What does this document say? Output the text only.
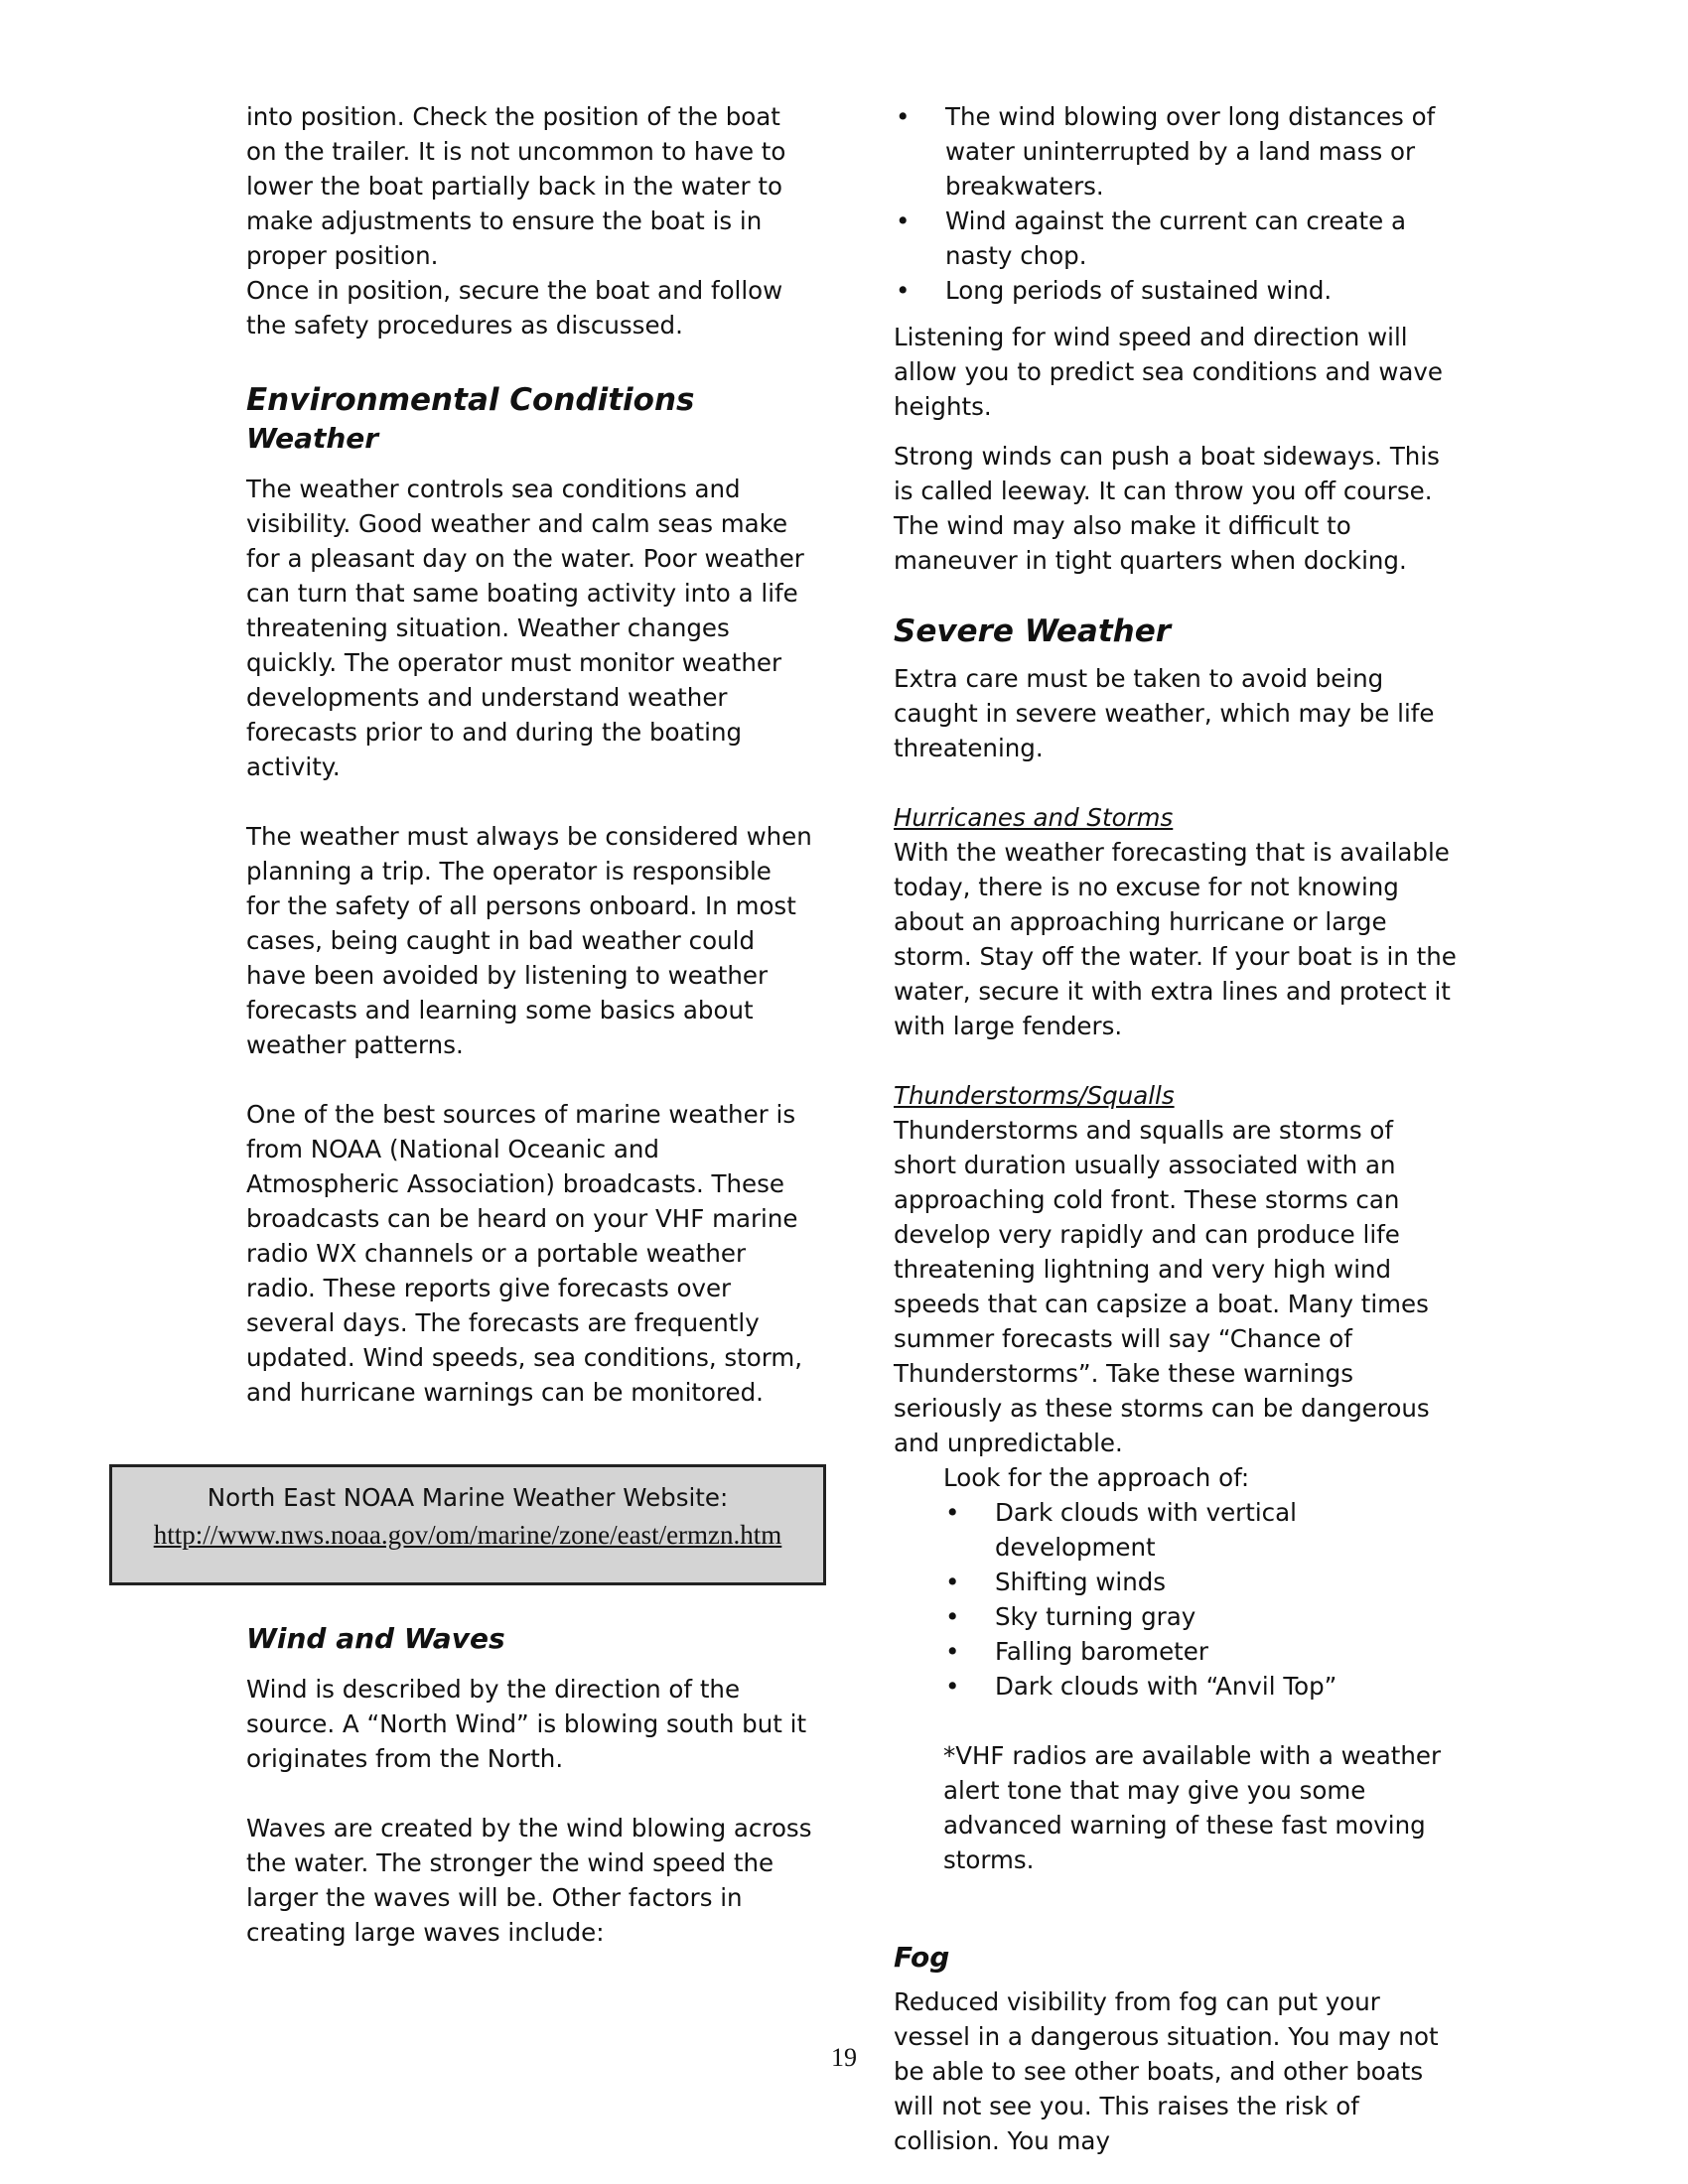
into position. Check the position of the boat on the trailer. It is not uncommon to have to lower the boat partially back in the water to make adjustments to ensure the boat is in proper position.

Once in position, secure the boat and follow the safety procedures as discussed.

Environmental Conditions
Weather

The weather controls sea conditions and visibility. Good weather and calm seas make for a pleasant day on the water. Poor weather can turn that same boating activity into a life threatening situation. Weather changes quickly. The operator must monitor weather developments and understand weather forecasts prior to and during the boating activity.

The weather must always be considered when planning a trip. The operator is responsible for the safety of all persons onboard. In most cases, being caught in bad weather could have been avoided by listening to weather forecasts and learning some basics about weather patterns.

One of the best sources of marine weather is from NOAA (National Oceanic and Atmospheric Association) broadcasts. These broadcasts can be heard on your VHF marine radio WX channels or a portable weather radio. These reports give forecasts over several days. The forecasts are frequently updated. Wind speeds, sea conditions, storm, and hurricane warnings can be monitored.

Wind and Waves

Wind is described by the direction of the source. A “North Wind” is blowing south but it originates from the North.

Waves are created by the wind blowing across the water. The stronger the wind speed the larger the waves will be. Other factors in creating large waves include:

North East NOAA Marine Weather Website:
http://www.nws.noaa.gov/om/marine/zone/east/ermzn.htm
• The wind blowing over long distances of water uninterrupted by a land mass or breakwaters.
• Wind against the current can create a nasty chop.
• Long periods of sustained wind.

Listening for wind speed and direction will allow you to predict sea conditions and wave heights.

Strong winds can push a boat sideways. This is called leeway. It can throw you off course. The wind may also make it difficult to maneuver in tight quarters when docking.

Severe Weather

Extra care must be taken to avoid being caught in severe weather, which may be life threatening.

Hurricanes and Storms

With the weather forecasting that is available today, there is no excuse for not knowing about an approaching hurricane or large storm. Stay off the water. If your boat is in the water, secure it with extra lines and protect it with large fenders.

Thunderstorms/Squalls

Thunderstorms and squalls are storms of short duration usually associated with an approaching cold front. These storms can develop very rapidly and can produce life threatening lightning and very high wind speeds that can capsize a boat. Many times summer forecasts will say “Chance of Thunderstorms”. Take these warnings seriously as these storms can be dangerous and unpredictable.

Look for the approach of:

• Dark clouds with vertical development
• Shifting winds
• Sky turning gray
• Falling barometer
• Dark clouds with “Anvil Top”

*VHF radios are available with a weather alert tone that may give you some advanced warning of these fast moving storms.

Fog

Reduced visibility from fog can put your vessel in a dangerous situation. You may not be able to see other boats, and other boats will not see you. This raises the risk of collision. You may

19
